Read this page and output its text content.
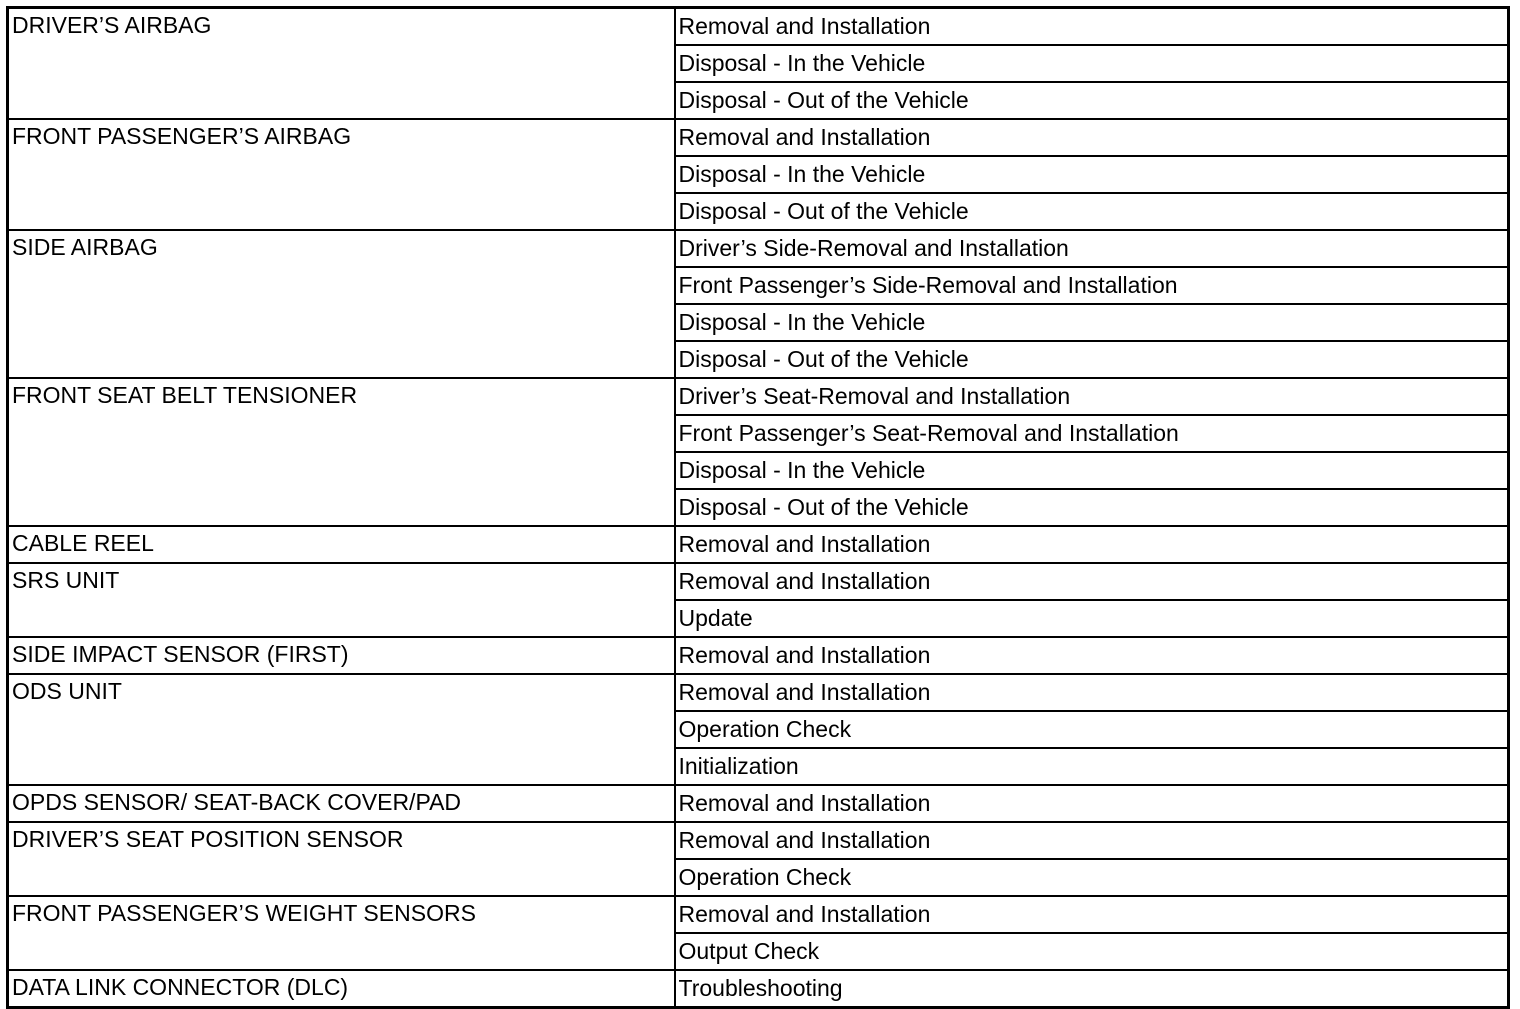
DRIVER’S AIRBAG	Removal and Installation
	Disposal - In the Vehicle
	Disposal - Out of the Vehicle
FRONT PASSENGER’S AIRBAG	Removal and Installation
	Disposal - In the Vehicle
	Disposal - Out of the Vehicle
SIDE AIRBAG	Driver’s Side-Removal and Installation
	Front Passenger’s Side-Removal and Installation
	Disposal - In the Vehicle
	Disposal - Out of the Vehicle
FRONT SEAT BELT TENSIONER	Driver’s Seat-Removal and Installation
	Front Passenger’s Seat-Removal and Installation
	Disposal - In the Vehicle
	Disposal - Out of the Vehicle
CABLE REEL	Removal and Installation
SRS UNIT	Removal and Installation
	Update
SIDE IMPACT SENSOR (FIRST)	Removal and Installation
ODS UNIT	Removal and Installation
	Operation Check
	Initialization
OPDS SENSOR/ SEAT-BACK COVER/PAD	Removal and Installation
DRIVER’S SEAT POSITION SENSOR	Removal and Installation
	Operation Check
FRONT PASSENGER’S WEIGHT SENSORS	Removal and Installation
	Output Check
DATA LINK CONNECTOR (DLC)	Troubleshooting
